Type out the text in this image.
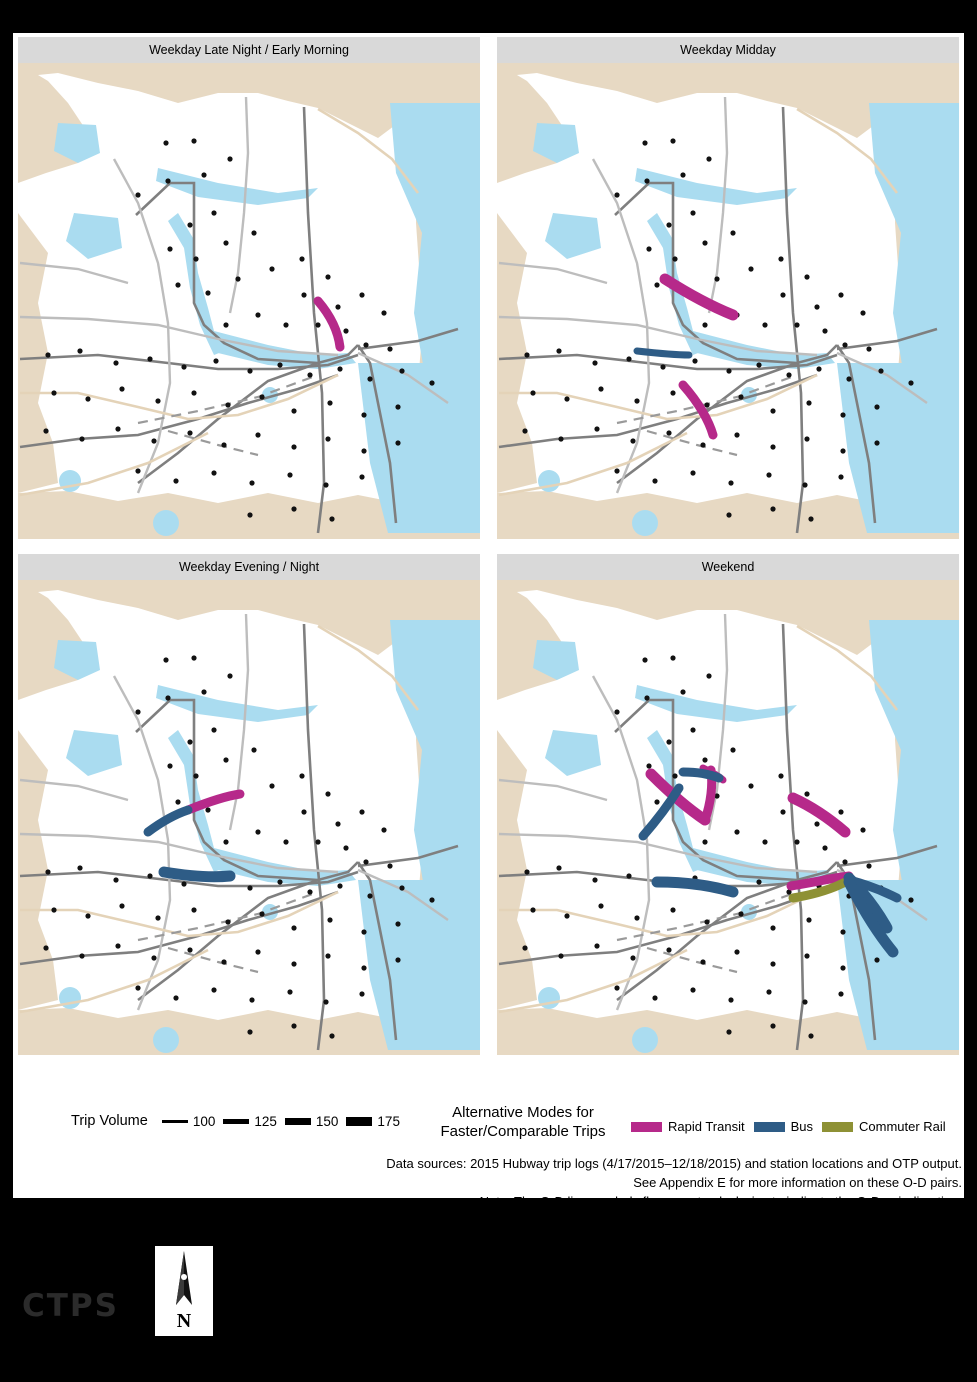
Weekday Late Night / Early Morning	Weekday Midday
Weekday Evening / Night	Weekend
Trip Volume	100	125	150	175	Alternative Modes for
Faster/Comparable Trips	Rapid Transit	Bus	Commuter Rail
Data sources: 2015 Hubway trip logs (4/17/2015–12/18/2015) and station locations and OTP output.
See Appendix E for more information on these O-D pairs.
CTPS	N
